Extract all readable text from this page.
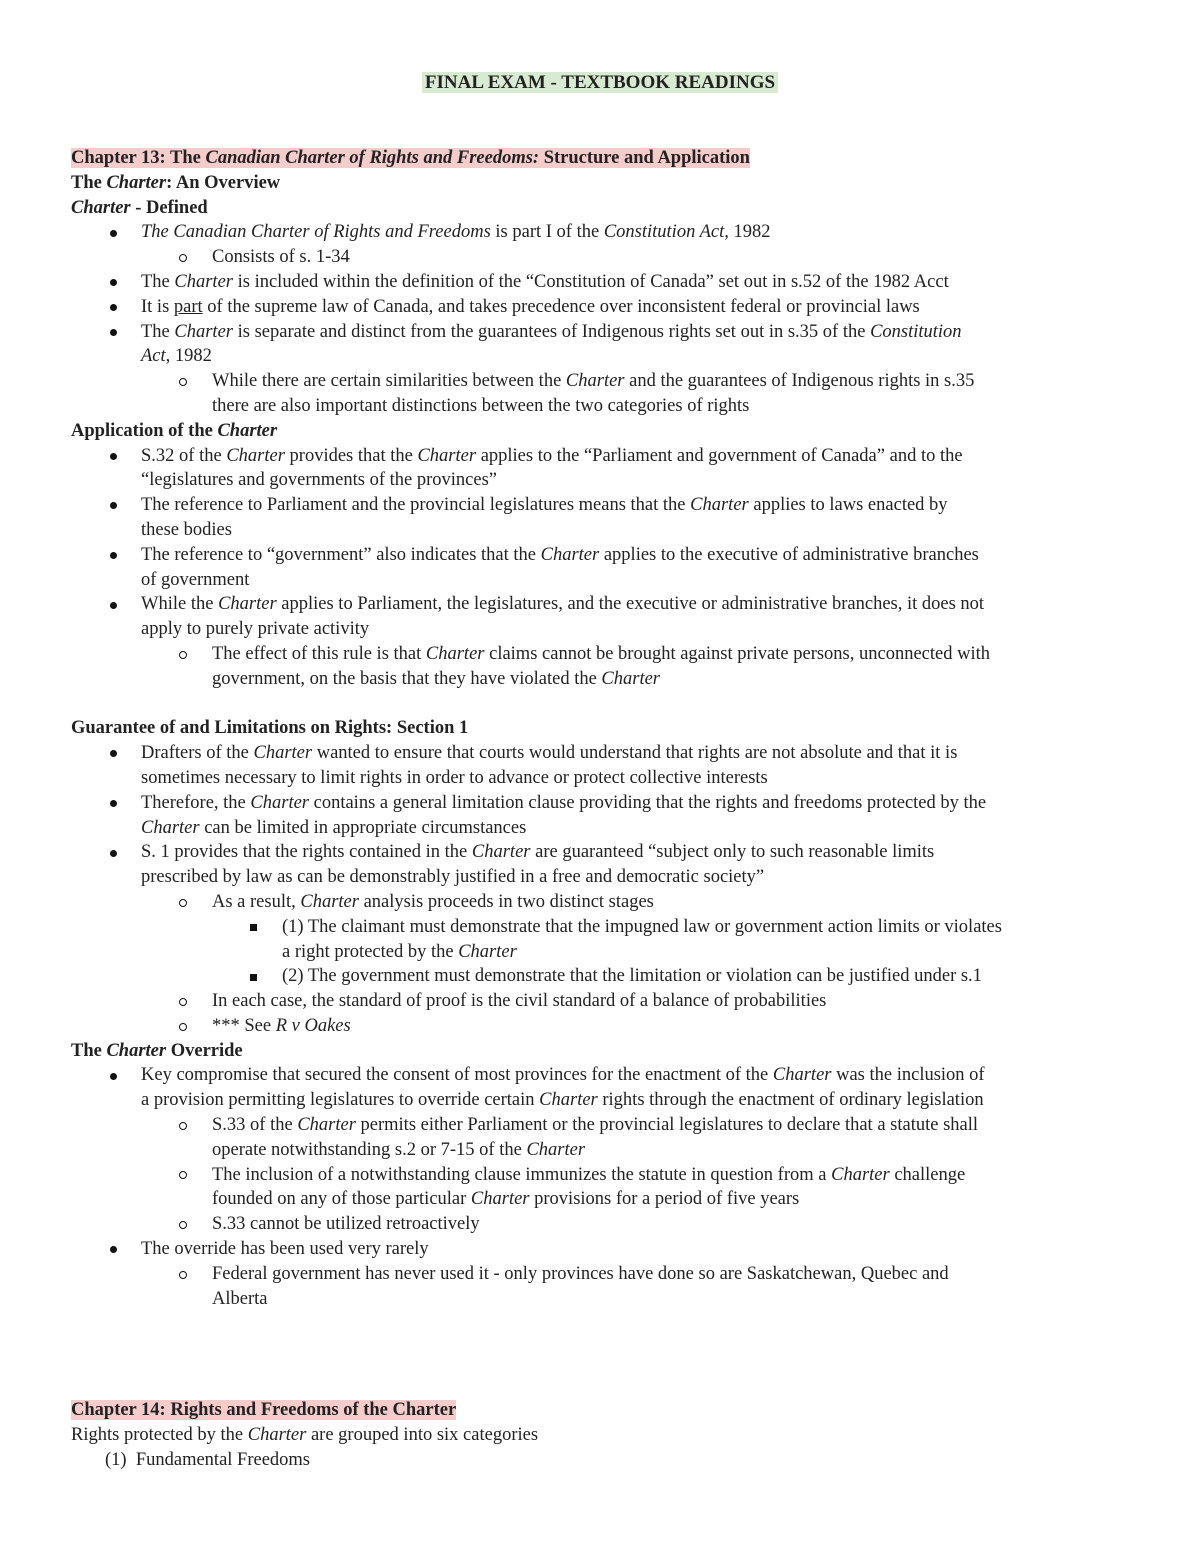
FINAL EXAM - TEXTBOOK READINGS
Chapter 13: The Canadian Charter of Rights and Freedoms: Structure and Application
The Charter: An Overview
Charter - Defined
The Canadian Charter of Rights and Freedoms is part I of the Constitution Act, 1982
Consists of s. 1-34
The Charter is included within the definition of the “Constitution of Canada” set out in s.52 of the 1982 Acct
It is part of the supreme law of Canada, and takes precedence over inconsistent federal or provincial laws
The Charter is separate and distinct from the guarantees of Indigenous rights set out in s.35 of the Constitution
Act, 1982
While there are certain similarities between the Charter and the guarantees of Indigenous rights in s.35
there are also important distinctions between the two categories of rights
Application of the Charter
S.32 of the Charter provides that the Charter applies to the “Parliament and government of Canada” and to the
“legislatures and governments of the provinces”
The reference to Parliament and the provincial legislatures means that the Charter applies to laws enacted by
these bodies
The reference to “government” also indicates that the Charter applies to the executive of administrative branches
of government
While the Charter applies to Parliament, the legislatures, and the executive or administrative branches, it does not
apply to purely private activity
The effect of this rule is that Charter claims cannot be brought against private persons, unconnected with
government, on the basis that they have violated the Charter
Guarantee of and Limitations on Rights: Section 1
Drafters of the Charter wanted to ensure that courts would understand that rights are not absolute and that it is
sometimes necessary to limit rights in order to advance or protect collective interests
Therefore, the Charter contains a general limitation clause providing that the rights and freedoms protected by the
Charter can be limited in appropriate circumstances
S. 1 provides that the rights contained in the Charter are guaranteed “subject only to such reasonable limits
prescribed by law as can be demonstrably justified in a free and democratic society”
As a result, Charter analysis proceeds in two distinct stages
(1) The claimant must demonstrate that the impugned law or government action limits or violates
a right protected by the Charter
(2) The government must demonstrate that the limitation or violation can be justified under s.1
In each case, the standard of proof is the civil standard of a balance of probabilities
*** See R v Oakes
The Charter Override
Key compromise that secured the consent of most provinces for the enactment of the Charter was the inclusion of
a provision permitting legislatures to override certain Charter rights through the enactment of ordinary legislation
S.33 of the Charter permits either Parliament or the provincial legislatures to declare that a statute shall
operate notwithstanding s.2 or 7-15 of the Charter
The inclusion of a notwithstanding clause immunizes the statute in question from a Charter challenge
founded on any of those particular Charter provisions for a period of five years
S.33 cannot be utilized retroactively
The override has been used very rarely
Federal government has never used it - only provinces have done so are Saskatchewan, Quebec and
Alberta
Chapter 14: Rights and Freedoms of the Charter
Rights protected by the Charter are grouped into six categories
(1) Fundamental Freedoms
